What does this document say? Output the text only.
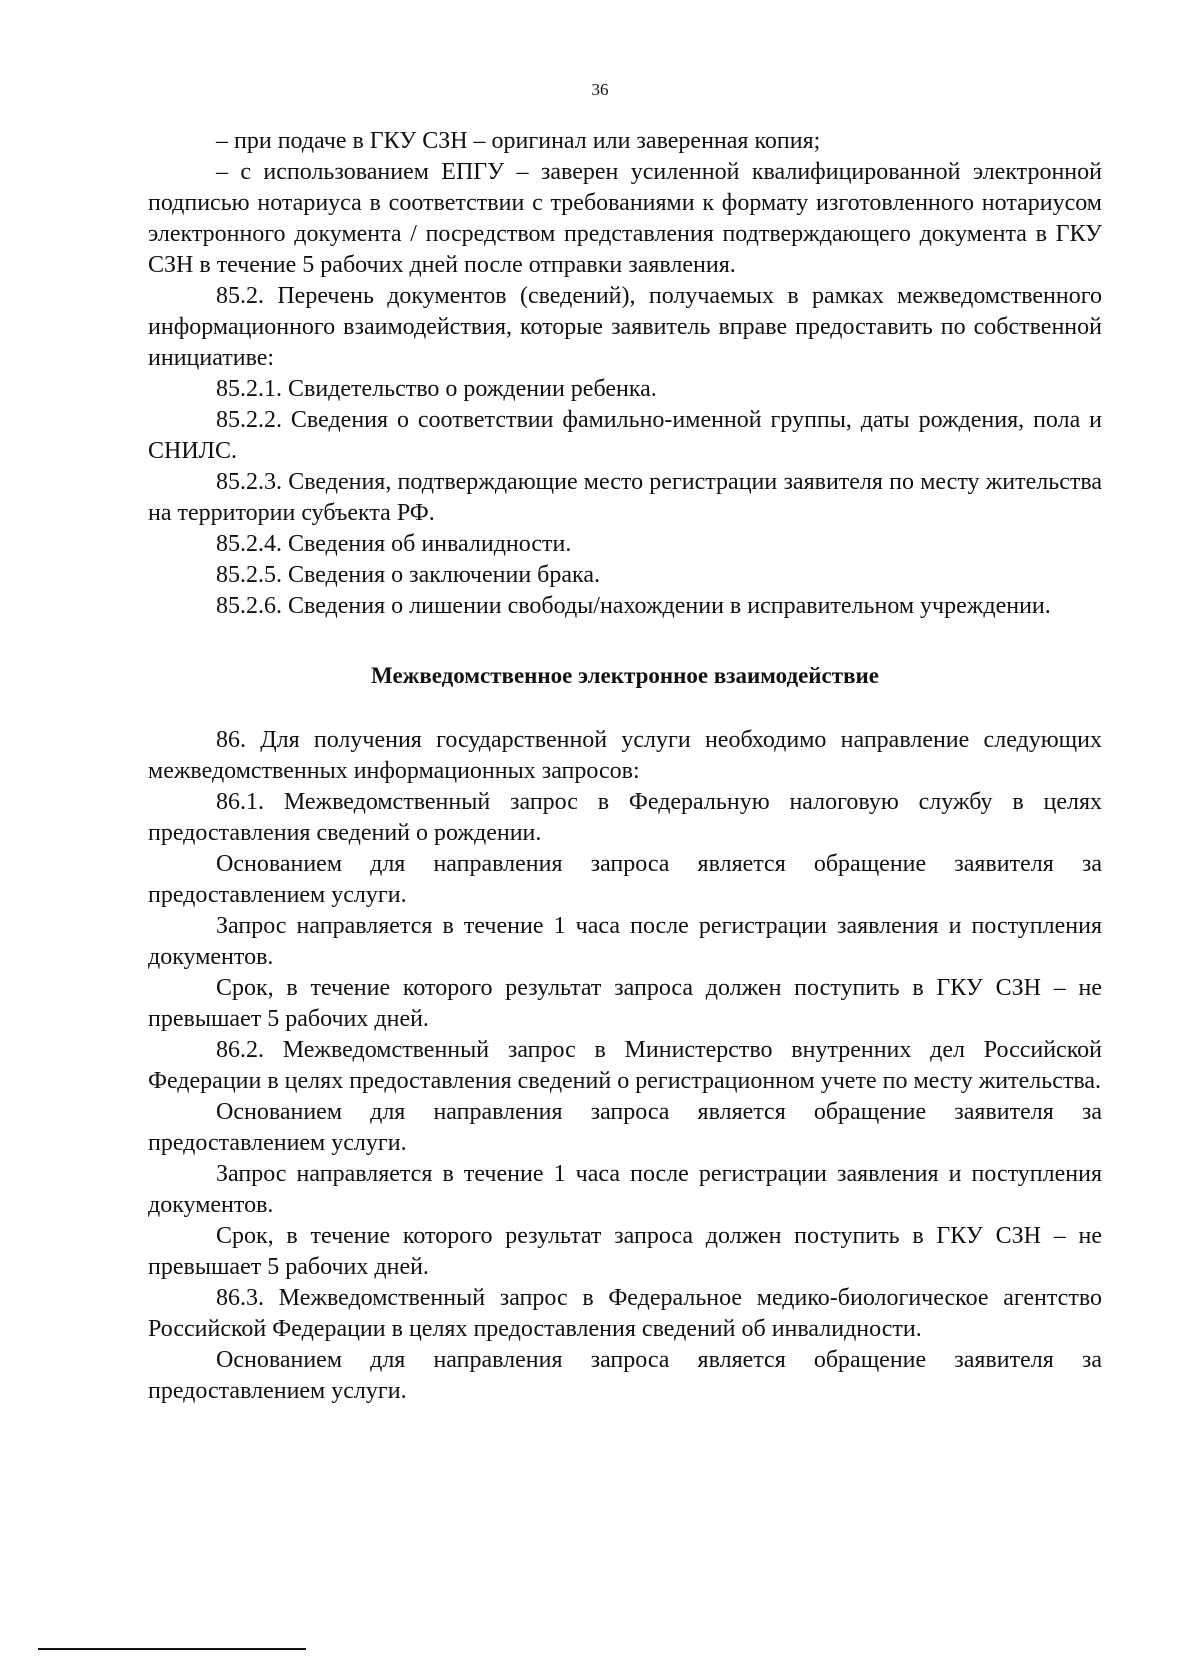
36

– при подаче в ГКУ СЗН – оригинал или заверенная копия;

– с использованием ЕПГУ – заверен усиленной квалифицированной электронной подписью нотариуса в соответствии с требованиями к формату изготовленного нотариусом электронного документа / посредством представления подтверждающего документа в ГКУ СЗН в течение 5 рабочих дней после отправки заявления.

85.2. Перечень документов (сведений), получаемых в рамках межведомственного информационного взаимодействия, которые заявитель вправе предоставить по собственной инициативе:

85.2.1. Свидетельство о рождении ребенка.

85.2.2. Сведения о соответствии фамильно-именной группы, даты рождения, пола и СНИЛС.

85.2.3. Сведения, подтверждающие место регистрации заявителя по месту жительства на территории субъекта РФ.

85.2.4. Сведения об инвалидности.

85.2.5. Сведения о заключении брака.

85.2.6. Сведения о лишении свободы/нахождении в исправительном учреждении.

Межведомственное электронное взаимодействие

86. Для получения государственной услуги необходимо направление следующих межведомственных информационных запросов:

86.1. Межведомственный запрос в Федеральную налоговую службу в целях предоставления сведений о рождении.

Основанием для направления запроса является обращение заявителя за предоставлением услуги.

Запрос направляется в течение 1 часа после регистрации заявления и поступления документов.

Срок, в течение которого результат запроса должен поступить в ГКУ СЗН – не превышает 5 рабочих дней.

86.2. Межведомственный запрос в Министерство внутренних дел Российской Федерации в целях предоставления сведений о регистрационном учете по месту жительства.

Основанием для направления запроса является обращение заявителя за предоставлением услуги.

Запрос направляется в течение 1 часа после регистрации заявления и поступления документов.

Срок, в течение которого результат запроса должен поступить в ГКУ СЗН – не превышает 5 рабочих дней.

86.3. Межведомственный запрос в Федеральное медико-биологическое агентство Российской Федерации в целях предоставления сведений об инвалидности.

Основанием для направления запроса является обращение заявителя за предоставлением услуги.
